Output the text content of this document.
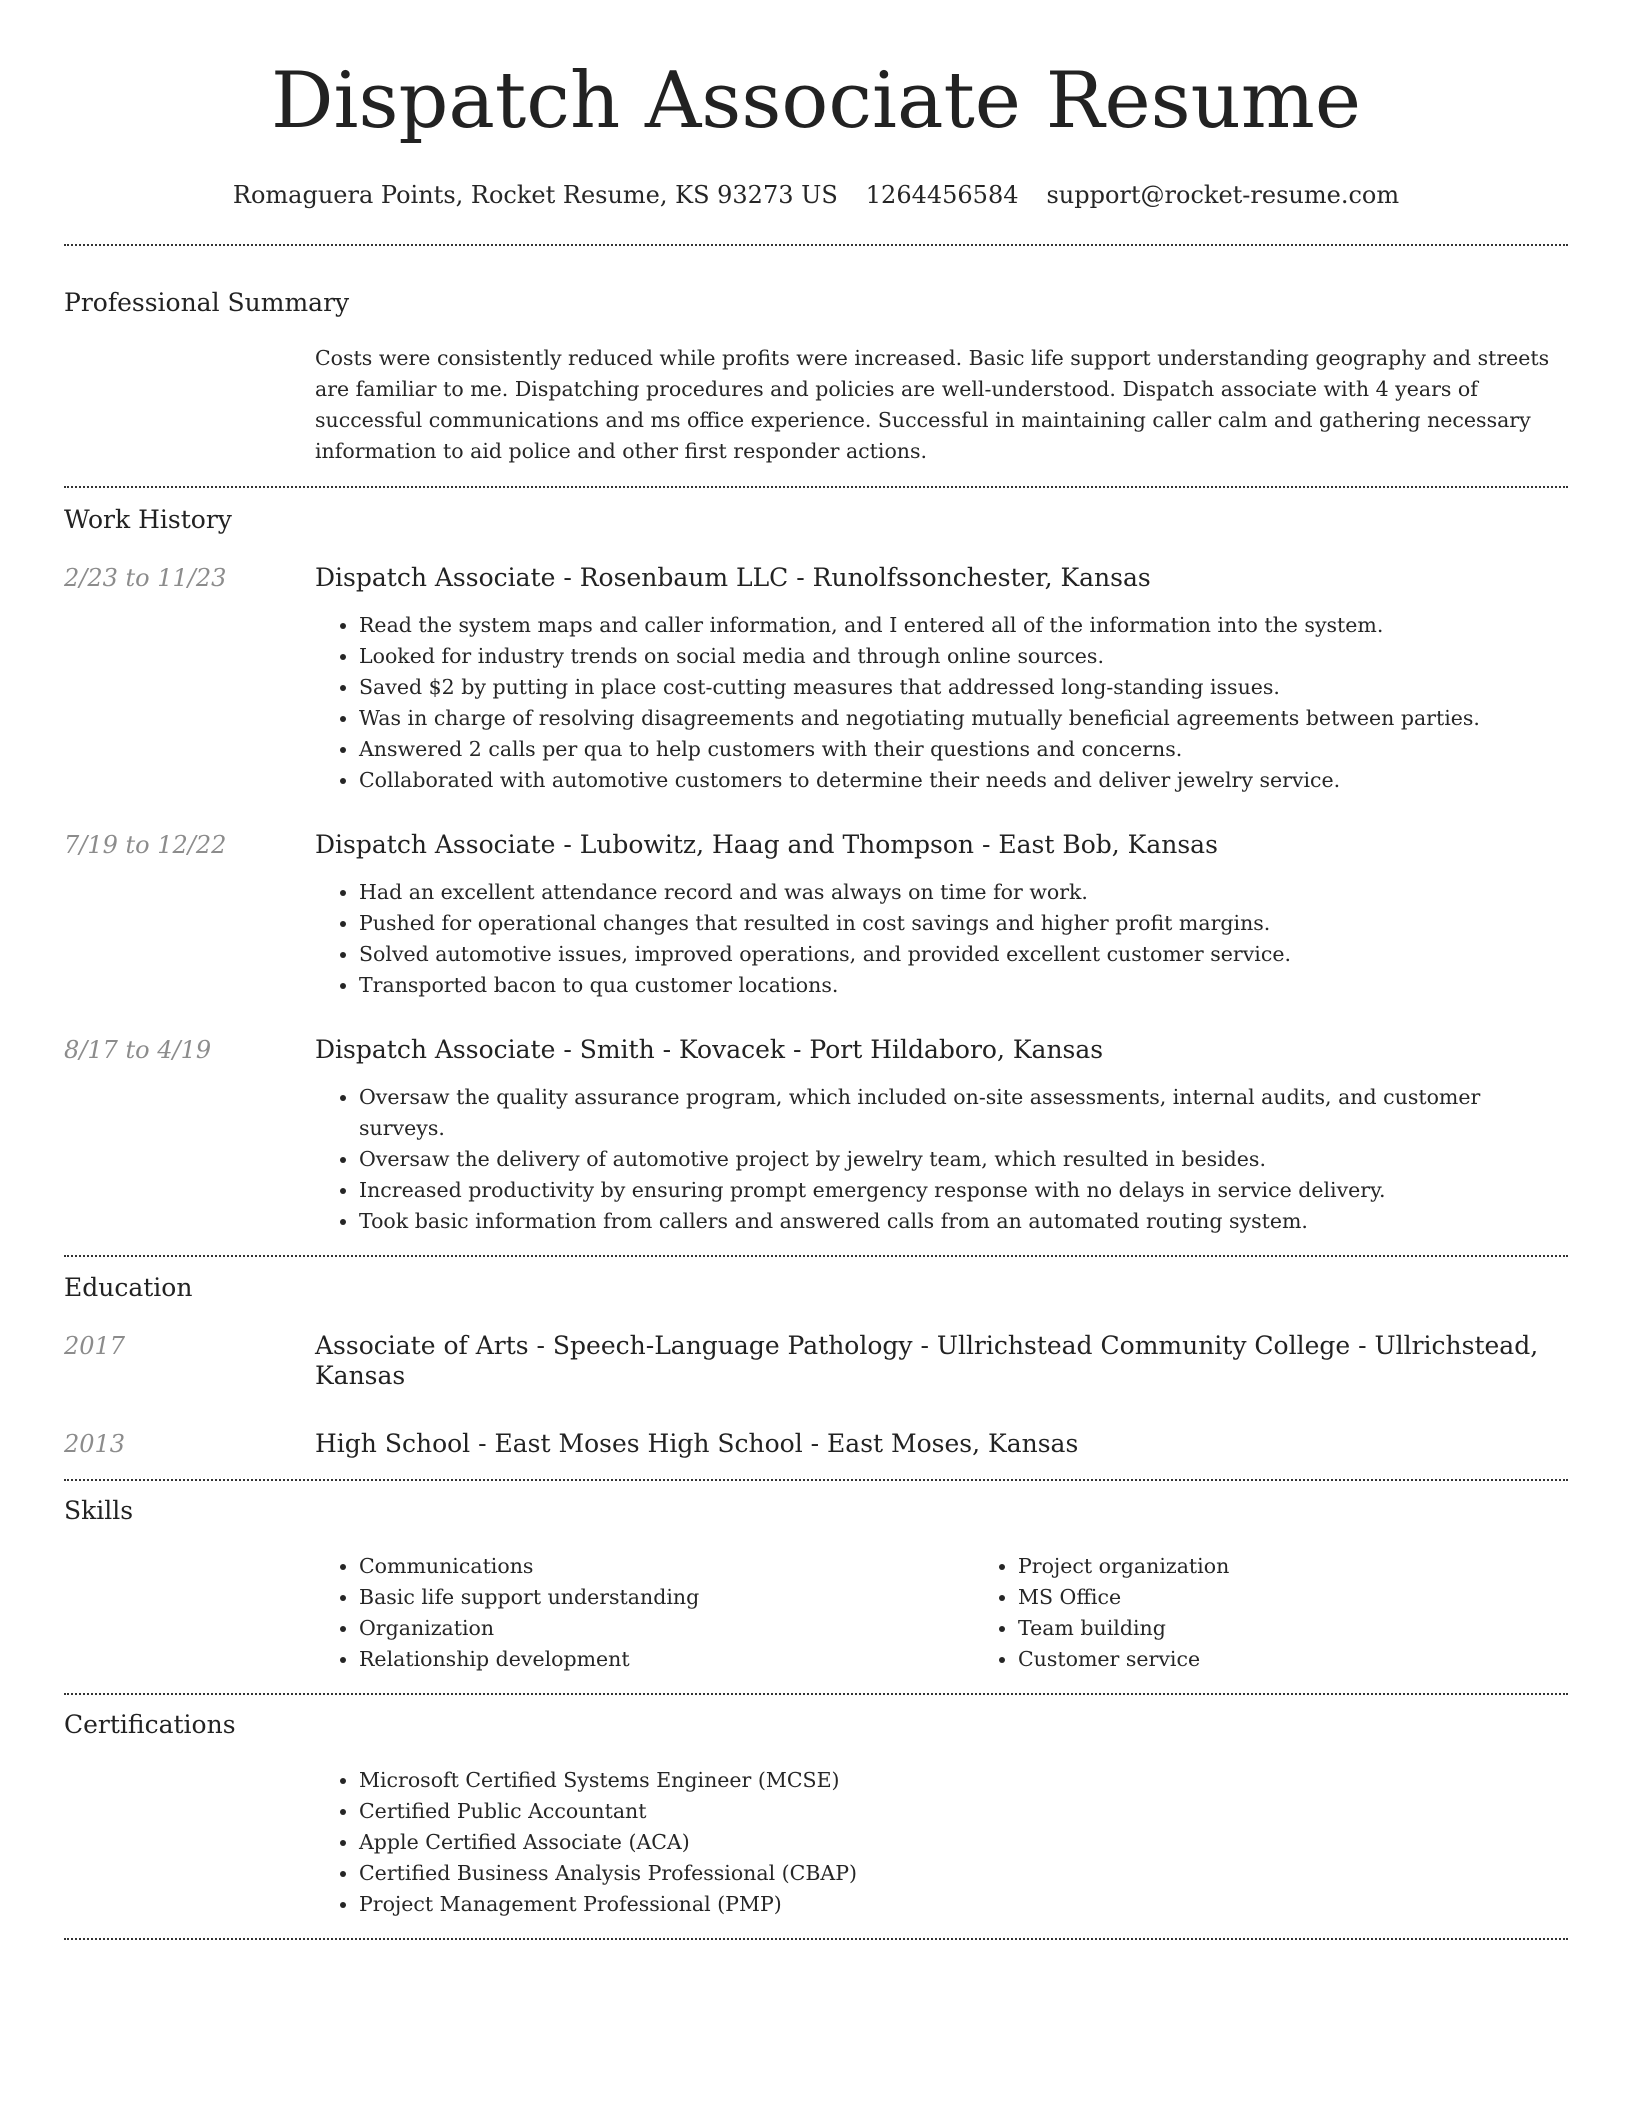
Dispatch Associate Resume
Romaguera Points, Rocket Resume, KS 93273 US 1264456584 support@rocket-resume.com
Professional Summary
Costs were consistently reduced while profits were increased. Basic life support understanding geography and streets are familiar to me. Dispatching procedures and policies are well-understood. Dispatch associate with 4 years of successful communications and ms office experience. Successful in maintaining caller calm and gathering necessary information to aid police and other first responder actions.
Work History
2/23 to 11/23	Dispatch Associate - Rosenbaum LLC - Runolfssonchester, Kansas
• Read the system maps and caller information, and I entered all of the information into the system.
• Looked for industry trends on social media and through online sources.
• Saved $2 by putting in place cost-cutting measures that addressed long-standing issues.
• Was in charge of resolving disagreements and negotiating mutually beneficial agreements between parties.
• Answered 2 calls per qua to help customers with their questions and concerns.
• Collaborated with automotive customers to determine their needs and deliver jewelry service.
7/19 to 12/22	Dispatch Associate - Lubowitz, Haag and Thompson - East Bob, Kansas
• Had an excellent attendance record and was always on time for work.
• Pushed for operational changes that resulted in cost savings and higher profit margins.
• Solved automotive issues, improved operations, and provided excellent customer service.
• Transported bacon to qua customer locations.
8/17 to 4/19	Dispatch Associate - Smith - Kovacek - Port Hildaboro, Kansas
• Oversaw the quality assurance program, which included on-site assessments, internal audits, and customer surveys.
• Oversaw the delivery of automotive project by jewelry team, which resulted in besides.
• Increased productivity by ensuring prompt emergency response with no delays in service delivery.
• Took basic information from callers and answered calls from an automated routing system.
Education
2017	Associate of Arts - Speech-Language Pathology - Ullrichstead Community College - Ullrichstead, Kansas
2013	High School - East Moses High School - East Moses, Kansas
Skills
• Communications
• Basic life support understanding
• Organization
• Relationship development
• Project organization
• MS Office
• Team building
• Customer service
Certifications
• Microsoft Certified Systems Engineer (MCSE)
• Certified Public Accountant
• Apple Certified Associate (ACA)
• Certified Business Analysis Professional (CBAP)
• Project Management Professional (PMP)
